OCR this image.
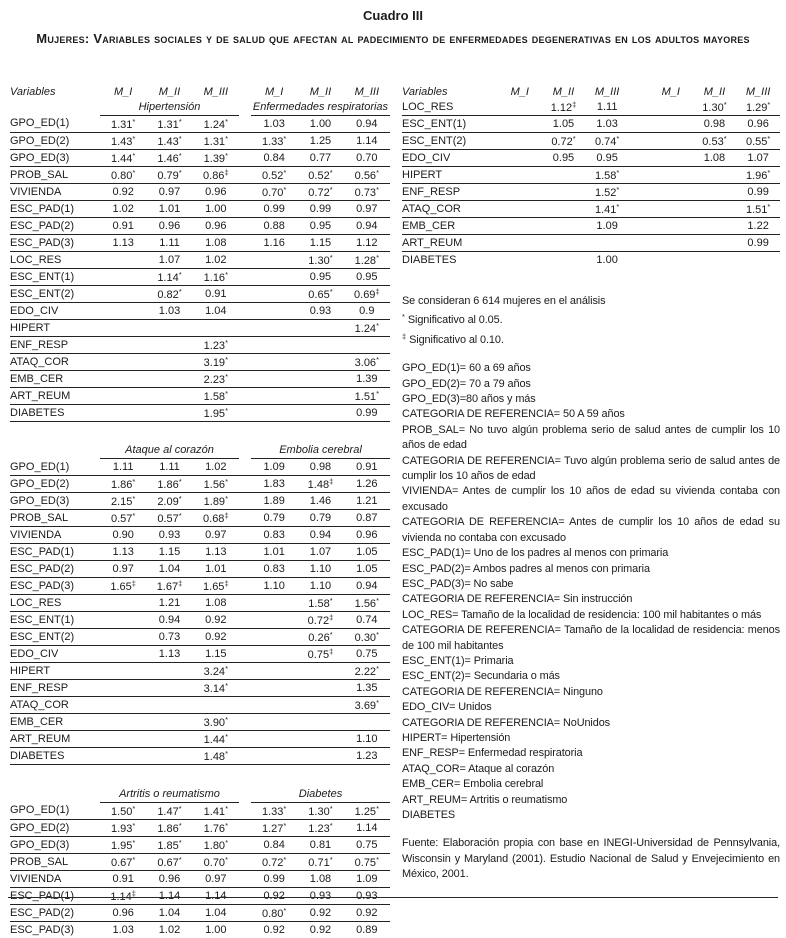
Cuadro III
Mujeres: Variables sociales y de salud que afectan al padecimiento de enfermedades degenerativas en los adultos mayores
Variables	M_I	M_II	M_III		M_I	M_II	M_III
	Hipertensión				Enfermedades respiratorias		
GPO_ED(1)	1.31*	1.31*	1.24*		1.03	1.00	0.94
GPO_ED(2)	1.43*	1.43*	1.31*		1.33*	1.25	1.14
GPO_ED(3)	1.44*	1.46*	1.39*		0.84	0.77	0.70
PROB_SAL	0.80*	0.79*	0.86‡		0.52*	0.52*	0.56*
VIVIENDA	0.92	0.97	0.96		0.70*	0.72*	0.73*
ESC_PAD(1)	1.02	1.01	1.00		0.99	0.99	0.97
ESC_PAD(2)	0.91	0.96	0.96		0.88	0.95	0.94
ESC_PAD(3)	1.13	1.11	1.08		1.16	1.15	1.12
LOC_RES		1.07	1.02			1.30*	1.28*
ESC_ENT(1)		1.14*	1.16*			0.95	0.95
ESC_ENT(2)		0.82*	0.91			0.65*	0.69‡
EDO_CIV		1.03	1.04			0.93	0.9
HIPERT							1.24*
ENF_RESP			1.23*				
ATAQ_COR			3.19*				3.06*
EMB_CER			2.23*				1.39
ART_REUM			1.58*				1.51*
DIABETES			1.95*				0.99
	Ataque al corazón				Embolia cerebral		
GPO_ED(1)	1.11	1.11	1.02		1.09	0.98	0.91
GPO_ED(2)	1.86*	1.86*	1.56*		1.83	1.48‡	1.26
GPO_ED(3)	2.15*	2.09*	1.89*		1.89	1.46	1.21
PROB_SAL	0.57*	0.57*	0.68‡		0.79	0.79	0.87
VIVIENDA	0.90	0.93	0.97		0.83	0.94	0.96
ESC_PAD(1)	1.13	1.15	1.13		1.01	1.07	1.05
ESC_PAD(2)	0.97	1.04	1.01		0.83	1.10	1.05
ESC_PAD(3)	1.65‡	1.67‡	1.65‡		1.10	1.10	0.94
LOC_RES		1.21	1.08			1.58*	1.56*
ESC_ENT(1)		0.94	0.92			0.72‡	0.74
ESC_ENT(2)		0.73	0.92			0.26*	0.30*
EDO_CIV		1.13	1.15			0.75‡	0.75
HIPERT			3.24*				2.22*
ENF_RESP			3.14*				1.35
ATAQ_COR							3.69*
EMB_CER			3.90*				
ART_REUM			1.44*				1.10
DIABETES			1.48*				1.23
	Artritis o reumatismo				Diabetes		
GPO_ED(1)	1.50*	1.47*	1.41*		1.33*	1.30*	1.25*
GPO_ED(2)	1.93*	1.86*	1.76*		1.27*	1.23*	1.14
GPO_ED(3)	1.95*	1.85*	1.80*		0.84	0.81	0.75
PROB_SAL	0.67*	0.67*	0.70*		0.72*	0.71*	0.75*
VIVIENDA	0.91	0.96	0.97		0.99	1.08	1.09
ESC_PAD(1)	1.14‡	1.14	1.14		0.92	0.93	0.93
ESC_PAD(2)	0.96	1.04	1.04		0.80*	0.92	0.92
ESC_PAD(3)	1.03	1.02	1.00		0.92	0.92	0.89
Variables	M_I	M_II	M_III		M_I	M_II	M_III
LOC_RES		1.12‡	1.11			1.30*	1.29*
ESC_ENT(1)		1.05	1.03			0.98	0.96
ESC_ENT(2)		0.72*	0.74*			0.53*	0.55*
EDO_CIV		0.95	0.95			1.08	1.07
HIPERT			1.58*				1.96*
ENF_RESP			1.52*				0.99
ATAQ_COR			1.41*				1.51*
EMB_CER			1.09				1.22
ART_REUM							0.99
DIABETES			1.00				

Se consideran 6 614 mujeres en el análisis

* Significativo al 0.05.

‡ Significativo al 0.10.

GPO_ED(1)= 60 a 69 años

GPO_ED(2)= 70 a 79 años

GPO_ED(3)=80 años y más

CATEGORIA DE REFERENCIA= 50 A 59 años

PROB_SAL= No tuvo algún problema serio de salud antes de cumplir los 10 años de edad

CATEGORIA DE REFERENCIA= Tuvo algún problema serio de salud antes de cumplir los 10 años de edad

VIVIENDA= Antes de cumplir los 10 años de edad su vivienda contaba con excusado

CATEGORIA DE REFERENCIA= Antes de cumplir los 10 años de edad su vivienda no contaba con excusado

ESC_PAD(1)= Uno de los padres al menos con primaria

ESC_PAD(2)= Ambos padres al menos con primaria

ESC_PAD(3)= No sabe

CATEGORIA DE REFERENCIA= Sin instrucción

LOC_RES= Tamaño de la localidad de residencia: 100 mil habitantes o más

CATEGORIA DE REFERENCIA= Tamaño de la localidad de residencia: menos de 100 mil habitantes

ESC_ENT(1)= Primaria

ESC_ENT(2)= Secundaria o más

CATEGORIA DE REFERENCIA= Ninguno

EDO_CIV= Unidos

CATEGORIA DE REFERENCIA= NoUnidos

HIPERT= Hipertensión

ENF_RESP= Enfermedad respiratoria

ATAQ_COR= Ataque al corazón

EMB_CER= Embolia cerebral

ART_REUM= Artritis o reumatismo

DIABETES

Fuente: Elaboración propia con base en INEGI-Universidad de Pennsylvania, Wisconsin y Maryland (2001). Estudio Nacional de Salud y Envejecimiento en México, 2001.
